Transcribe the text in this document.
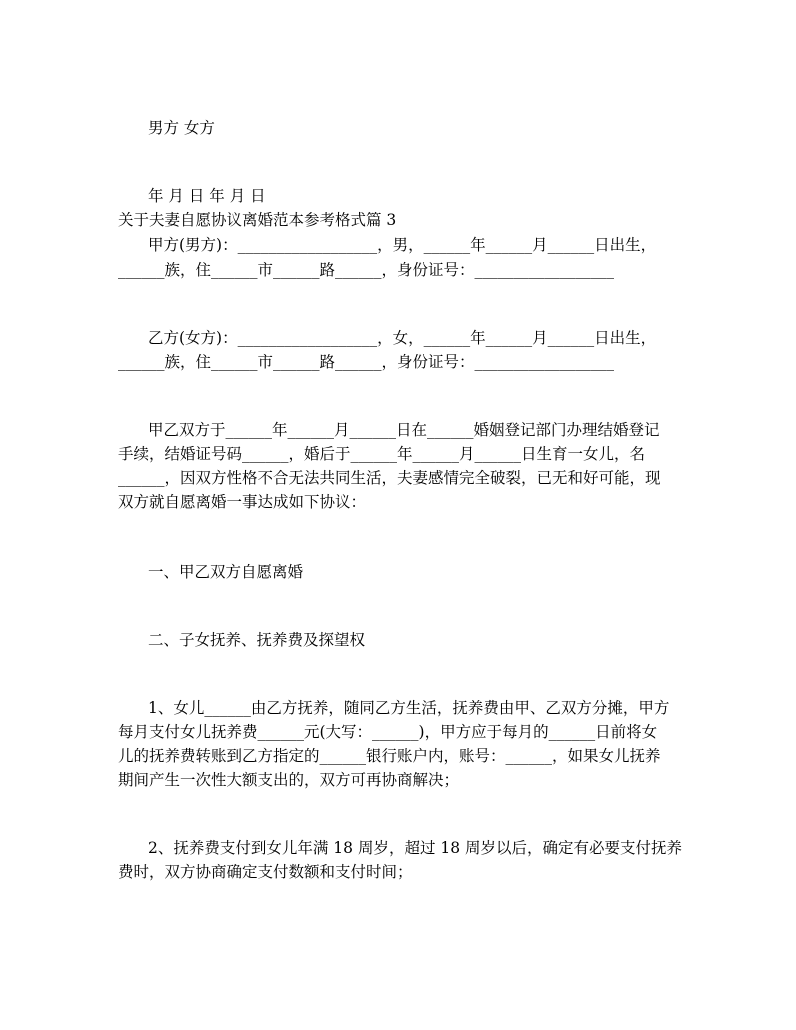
男方 女方
年 月 日 年 月 日
关于夫妻自愿协议离婚范本参考格式篇 3
甲方(男方)：__________________，男，______年______月______日出生，
______族，住______市______路______，身份证号：__________________
乙方(女方)：__________________，女，______年______月______日出生，
______族，住______市______路______，身份证号：__________________
甲乙双方于______年______月______日在______婚姻登记部门办理结婚登记
手续，结婚证号码______，婚后于______年______月______日生育一女儿，名
______，因双方性格不合无法共同生活，夫妻感情完全破裂，已无和好可能，现
双方就自愿离婚一事达成如下协议：
一、甲乙双方自愿离婚
二、子女抚养、抚养费及探望权
1、女儿______由乙方抚养，随同乙方生活，抚养费由甲、乙双方分摊，甲方
每月支付女儿抚养费______元(大写：______)，甲方应于每月的______日前将女
儿的抚养费转账到乙方指定的______银行账户内，账号：______，如果女儿抚养
期间产生一次性大额支出的，双方可再协商解决；
2、抚养费支付到女儿年满 18 周岁，超过 18 周岁以后，确定有必要支付抚养
费时，双方协商确定支付数额和支付时间；
